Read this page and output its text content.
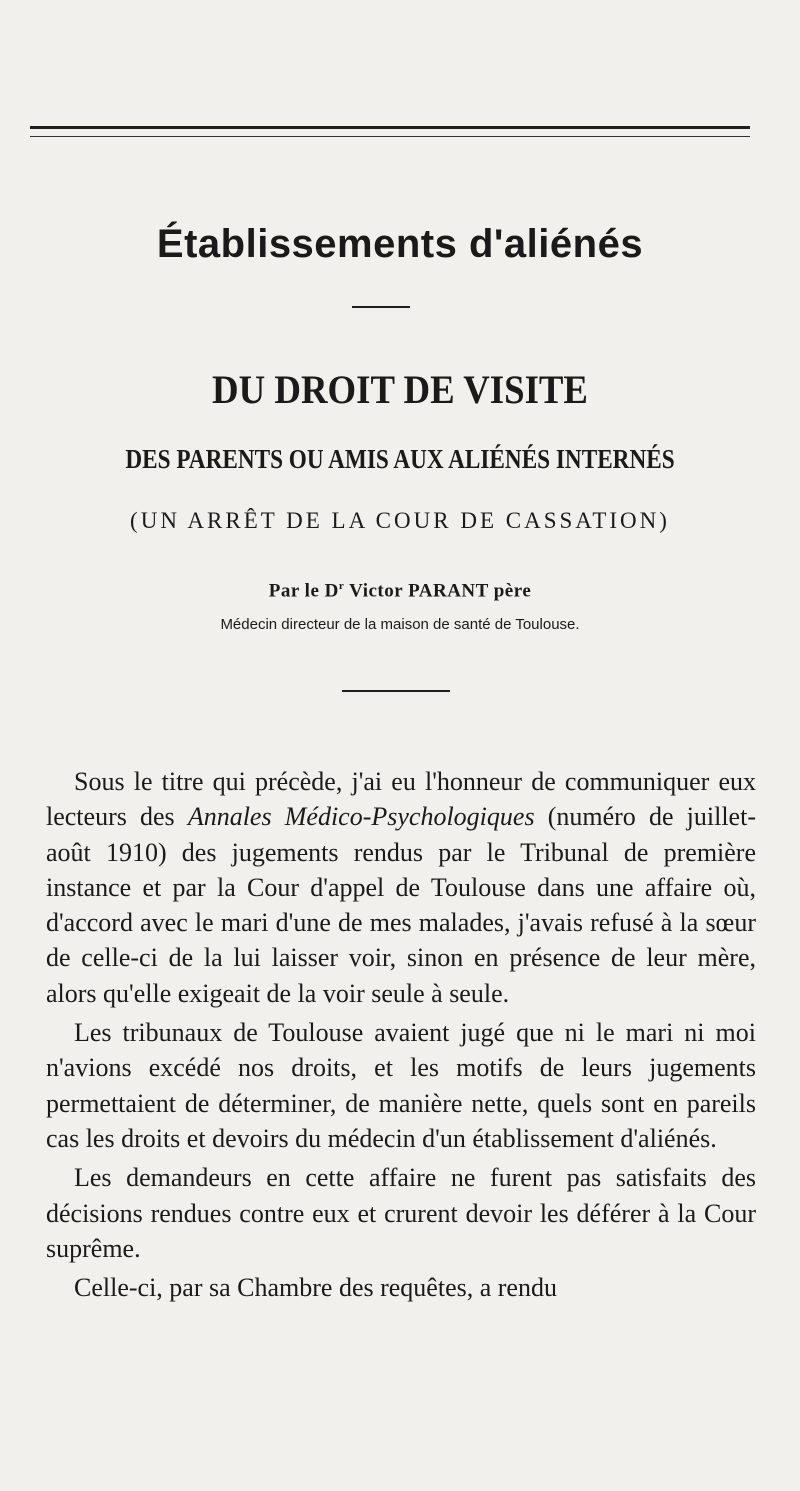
Établissements d'aliénés
DU DROIT DE VISITE
DES PARENTS OU AMIS AUX ALIÉNÉS INTERNÉS
(UN ARRÊT DE LA COUR DE CASSATION)
Par le $D^r$ Victor PARANT père
Médecin directeur de la maison de santé de Toulouse.

Sous le titre qui précède, j'ai eu l'honneur de communiquer eux lecteurs des Annales Médico-Psychologiques (numéro de juillet-août 1910) des jugements rendus par le Tribunal de première instance et par la Cour d'appel de Toulouse dans une affaire où, d'accord avec le mari d'une de mes malades, j'avais refusé à la sœur de celle-ci de la lui laisser voir, sinon en présence de leur mère, alors qu'elle exigeait de la voir seule à seule.

Les tribunaux de Toulouse avaient jugé que ni le mari ni moi n'avions excédé nos droits, et les motifs de leurs jugements permettaient de déterminer, de manière nette, quels sont en pareils cas les droits et devoirs du médecin d'un établissement d'aliénés.

Les demandeurs en cette affaire ne furent pas satisfaits des décisions rendues contre eux et crurent devoir les déférer à la Cour suprême.

Celle-ci, par sa Chambre des requêtes, a rendu
